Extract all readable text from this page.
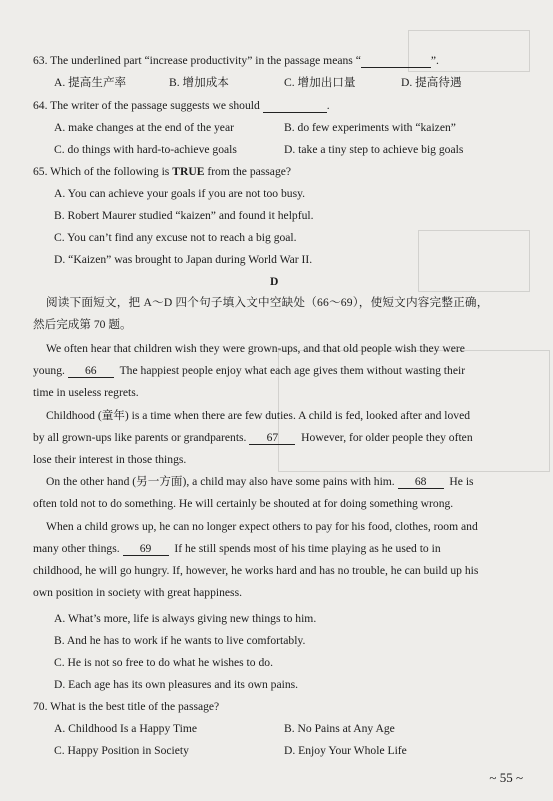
63. The underlined part “increase productivity” in the passage means “	”.
A. 提高生产率	B. 增加成本	C. 增加出口量	D. 提高待遇
64. The writer of the passage suggests we should	.
A. make changes at the end of the year	B. do few experiments with “kaizen”
C. do things with hard-to-achieve goals	D. take a tiny step to achieve big goals
65. Which of the following is TRUE from the passage?
A. You can achieve your goals if you are not too busy.
B. Robert Maurer studied “kaizen” and found it helpful.
C. You can’t find any excuse not to reach a big goal.
D. “Kaizen” was brought to Japan during World War II.
D
阅读下面短文，把 A～D 四个句子填入文中空缺处（66～69），使短文内容完整正确，
然后完成第 70 题。
We often hear that children wish they were grown-ups, and that old people wish they were
young. 66 The happiest people enjoy what each age gives them without wasting their
time in useless regrets.
Childhood (童年) is a time when there are few duties. A child is fed, looked after and loved
by all grown-ups like parents or grandparents. 67 However, for older people they often
lose their interest in those things.
On the other hand (另一方面), a child may also have some pains with him. 68 He is
often told not to do something. He will certainly be shouted at for doing something wrong.
When a child grows up, he can no longer expect others to pay for his food, clothes, room and
many other things. 69 If he still spends most of his time playing as he used to in
childhood, he will go hungry. If, however, he works hard and has no trouble, he can build up his
own position in society with great happiness.
A. What’s more, life is always giving new things to him.
B. And he has to work if he wants to live comfortably.
C. He is not so free to do what he wishes to do.
D. Each age has its own pleasures and its own pains.
70. What is the best title of the passage?
A. Childhood Is a Happy Time	B. No Pains at Any Age
C. Happy Position in Society	D. Enjoy Your Whole Life
~ 55 ~
